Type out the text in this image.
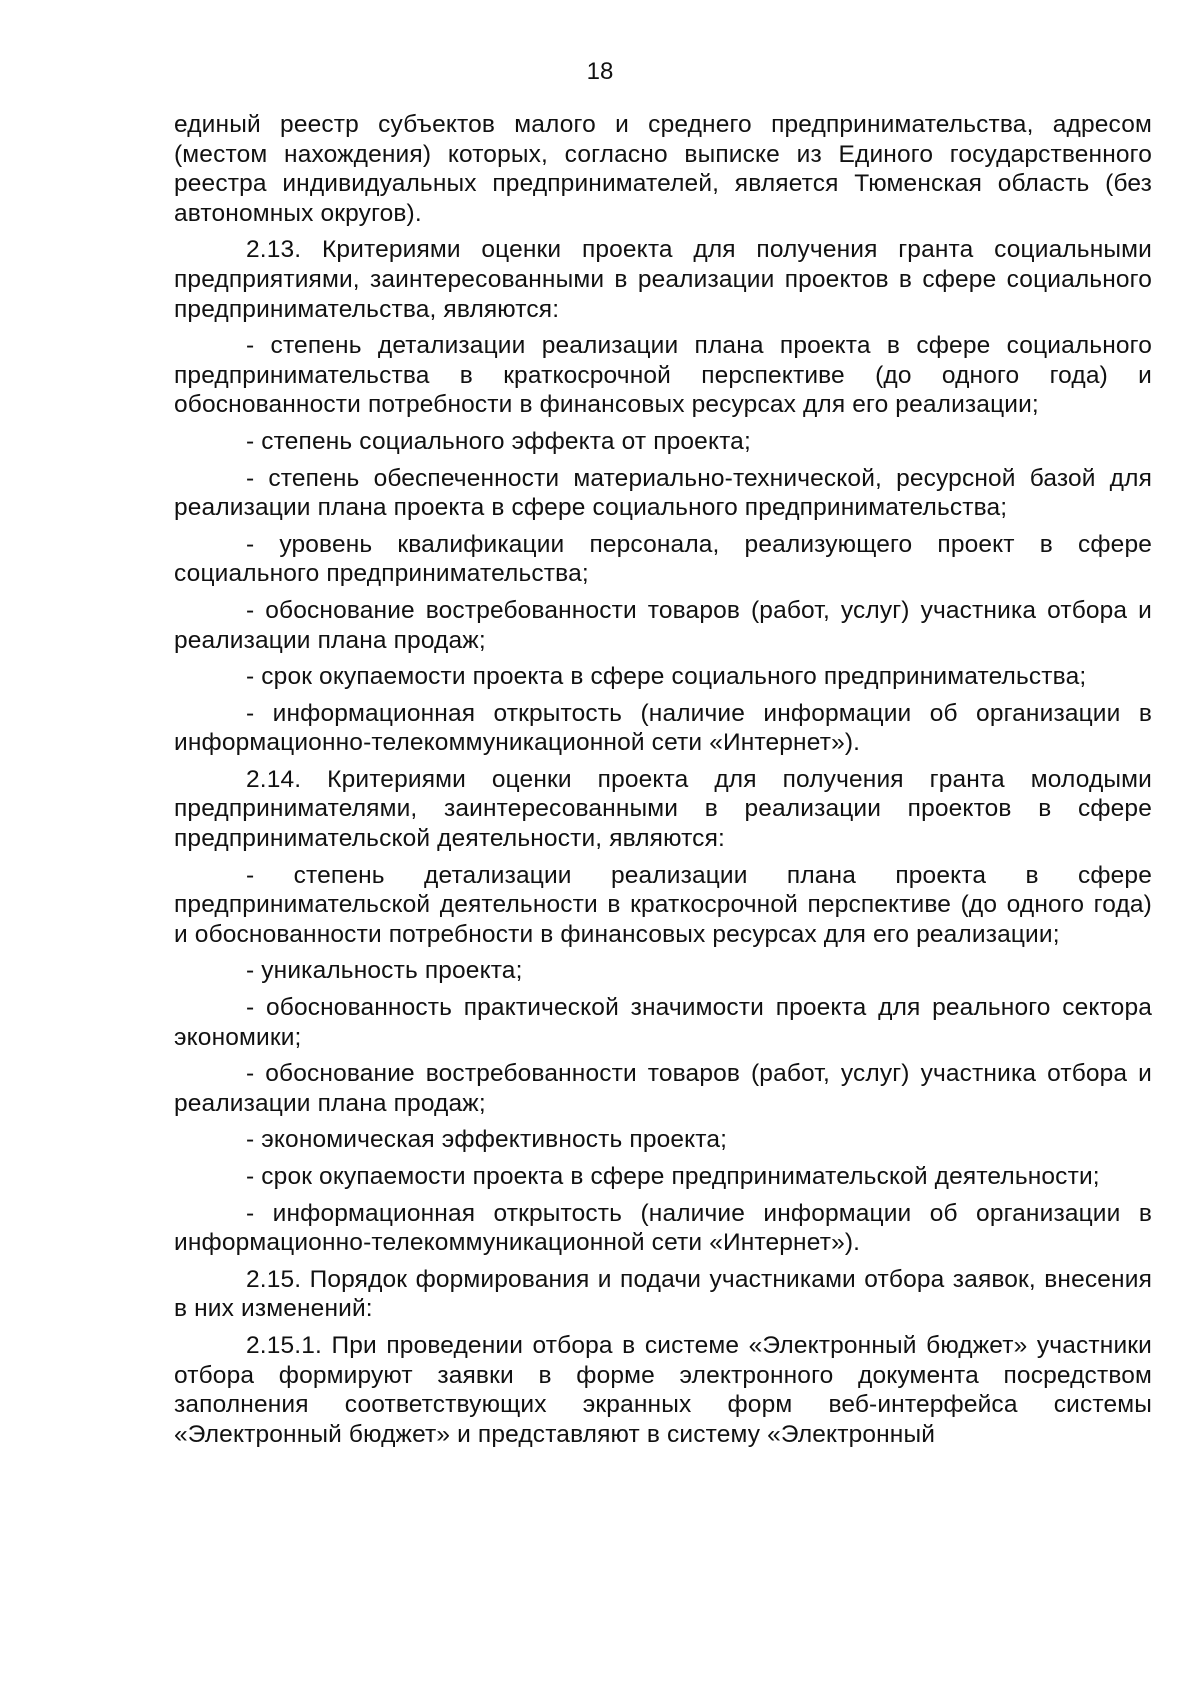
18

единый реестр субъектов малого и среднего предпринимательства, адресом (местом нахождения) которых, согласно выписке из Единого государственного реестра индивидуальных предпринимателей, является Тюменская область (без автономных округов).

2.13. Критериями оценки проекта для получения гранта социальными предприятиями, заинтересованными в реализации проектов в сфере социального предпринимательства, являются:

- степень детализации реализации плана проекта в сфере социального предпринимательства в краткосрочной перспективе (до одного года) и обоснованности потребности в финансовых ресурсах для его реализации;

- степень социального эффекта от проекта;

- степень обеспеченности материально-технической, ресурсной базой для реализации плана проекта в сфере социального предпринимательства;

- уровень квалификации персонала, реализующего проект в сфере социального предпринимательства;

- обоснование востребованности товаров (работ, услуг) участника отбора и реализации плана продаж;

- срок окупаемости проекта в сфере социального предпринимательства;

- информационная открытость (наличие информации об организации в информационно-телекоммуникационной сети «Интернет»).

2.14. Критериями оценки проекта для получения гранта молодыми предпринимателями, заинтересованными в реализации проектов в сфере предпринимательской деятельности, являются:

- степень детализации реализации плана проекта в сфере предпринимательской деятельности в краткосрочной перспективе (до одного года) и обоснованности потребности в финансовых ресурсах для его реализации;

- уникальность проекта;

- обоснованность практической значимости проекта для реального сектора экономики;

- обоснование востребованности товаров (работ, услуг) участника отбора и реализации плана продаж;

- экономическая эффективность проекта;

- срок окупаемости проекта в сфере предпринимательской деятельности;

- информационная открытость (наличие информации об организации в информационно-телекоммуникационной сети «Интернет»).

2.15. Порядок формирования и подачи участниками отбора заявок, внесения в них изменений:

2.15.1. При проведении отбора в системе «Электронный бюджет» участники отбора формируют заявки в форме электронного документа посредством заполнения соответствующих экранных форм веб-интерфейса системы «Электронный бюджет» и представляют в систему «Электронный
